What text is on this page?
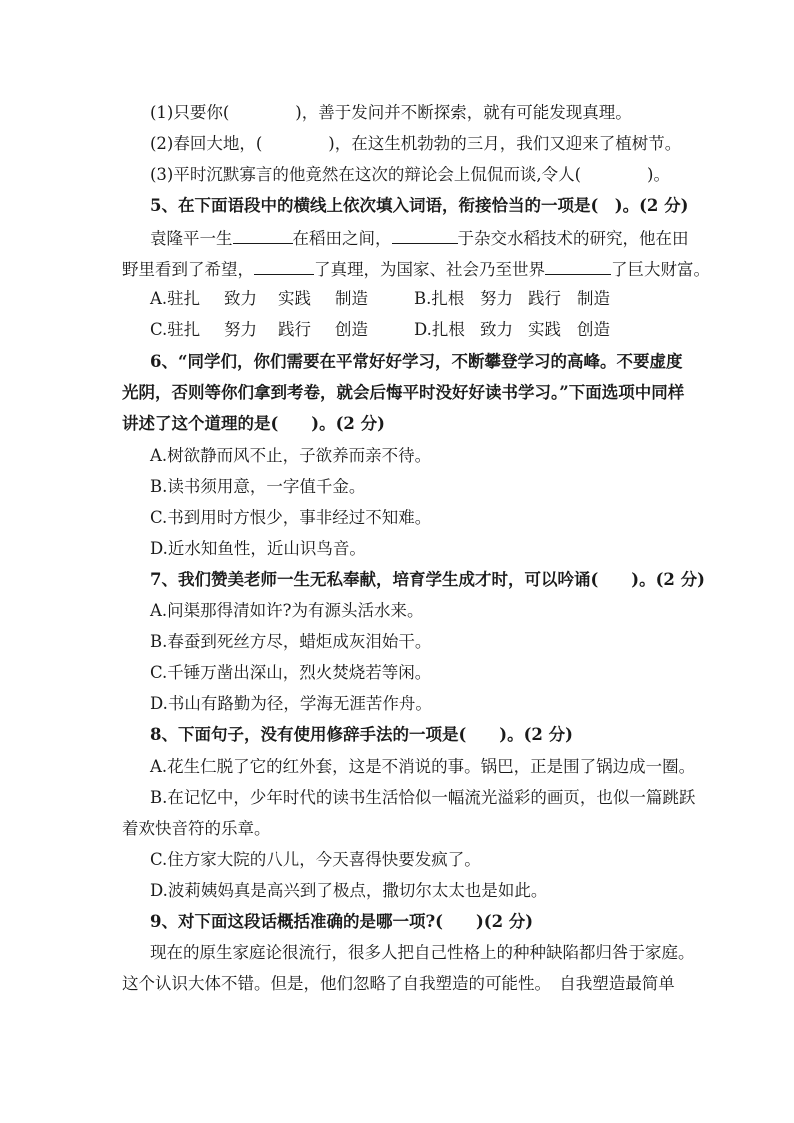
(1)只要你(　　　　)，善于发问并不断探索，就有可能发现真理。
(2)春回大地，(　　　　)，在这生机勃勃的三月，我们又迎来了植树节。
(3)平时沉默寡言的他竟然在这次的辩论会上侃侃而谈,令人(　　　　)。
5、在下面语段中的横线上依次填入词语，衔接恰当的一项是(　)。(2 分)
袁隆平一生	在稻田之间，	于杂交水稻技术的研究，他在田
野里看到了希望，	了真理，为国家、社会乃至世界	了巨大财富。
A.驻扎 致力 实践 制造	B.扎根 努力 践行 制造
C.驻扎 努力 践行 创造	D.扎根 致力 实践 创造
6、“同学们，你们需要在平常好好学习，不断攀登学习的高峰。不要虚度
光阴，否则等你们拿到考卷，就会后悔平时没好好读书学习。”下面选项中同样
讲述了这个道理的是(　　)。(2 分)
A.树欲静而风不止，子欲养而亲不待。
B.读书须用意，一字值千金。
C.书到用时方恨少，事非经过不知难。
D.近水知鱼性，近山识鸟音。
7、我们赞美老师一生无私奉献，培育学生成才时，可以吟诵(　　)。(2 分)
A.问渠那得清如许?为有源头活水来。
B.春蚕到死丝方尽，蜡炬成灰泪始干。
C.千锤万凿出深山，烈火焚烧若等闲。
D.书山有路勤为径，学海无涯苦作舟。
8、下面句子，没有使用修辞手法的一项是(　　)。(2 分)
A.花生仁脱了它的红外套，这是不消说的事。锅巴，正是围了锅边成一圈。
B.在记忆中，少年时代的读书生活恰似一幅流光溢彩的画页，也似一篇跳跃
着欢快音符的乐章。
C.住方家大院的八儿，今天喜得快要发疯了。
D.波莉姨妈真是高兴到了极点，撒切尔太太也是如此。
9、对下面这段话概括准确的是哪一项?(　　)(2 分)
现在的原生家庭论很流行，很多人把自己性格上的种种缺陷都归咎于家庭。
这个认识大体不错。但是，他们忽略了自我塑造的可能性。　自我塑造最简单
